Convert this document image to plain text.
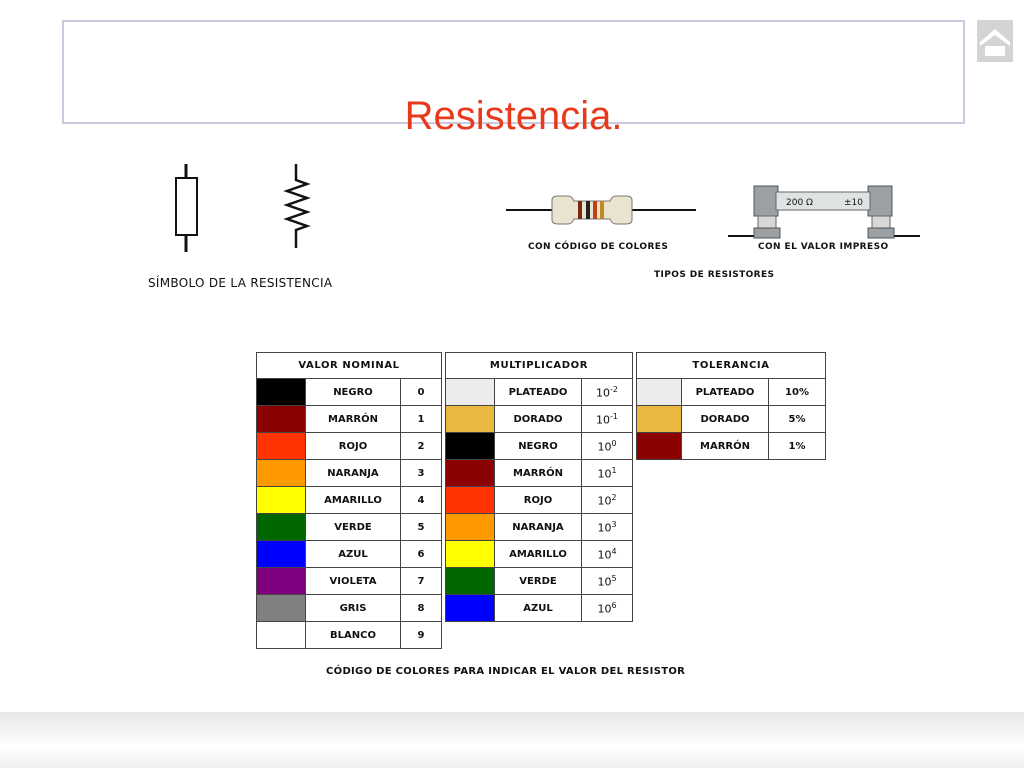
Resistencia.
SÍMBOLO DE LA RESISTENCIA
200 Ω	±10
CON CÓDIGO DE COLORES	CON EL VALOR IMPRESO
TIPOS DE RESISTORES
VALOR NOMINAL				MULTIPLICADOR				TOLERANCIA		
	NEGRO	0			PLATEADO	$10^{-2}$			PLATEADO	10%
	MARRÓN	1			DORADO	$10^{-1}$			DORADO	5%
	ROJO	2			NEGRO	$10^0$			MARRÓN	1%
	NARANJA	3			MARRÓN	$10^1$		
	AMARILLO	4			ROJO	$10^2$		
	VERDE	5			NARANJA	$10^3$		
	AZUL	6			AMARILLO	$10^4$		
	VIOLETA	7			VERDE	$10^5$		
	GRIS	8			AZUL	$10^6$		
	BLANCO	9								
CÓDIGO DE COLORES PARA INDICAR EL VALOR DEL RESISTOR
